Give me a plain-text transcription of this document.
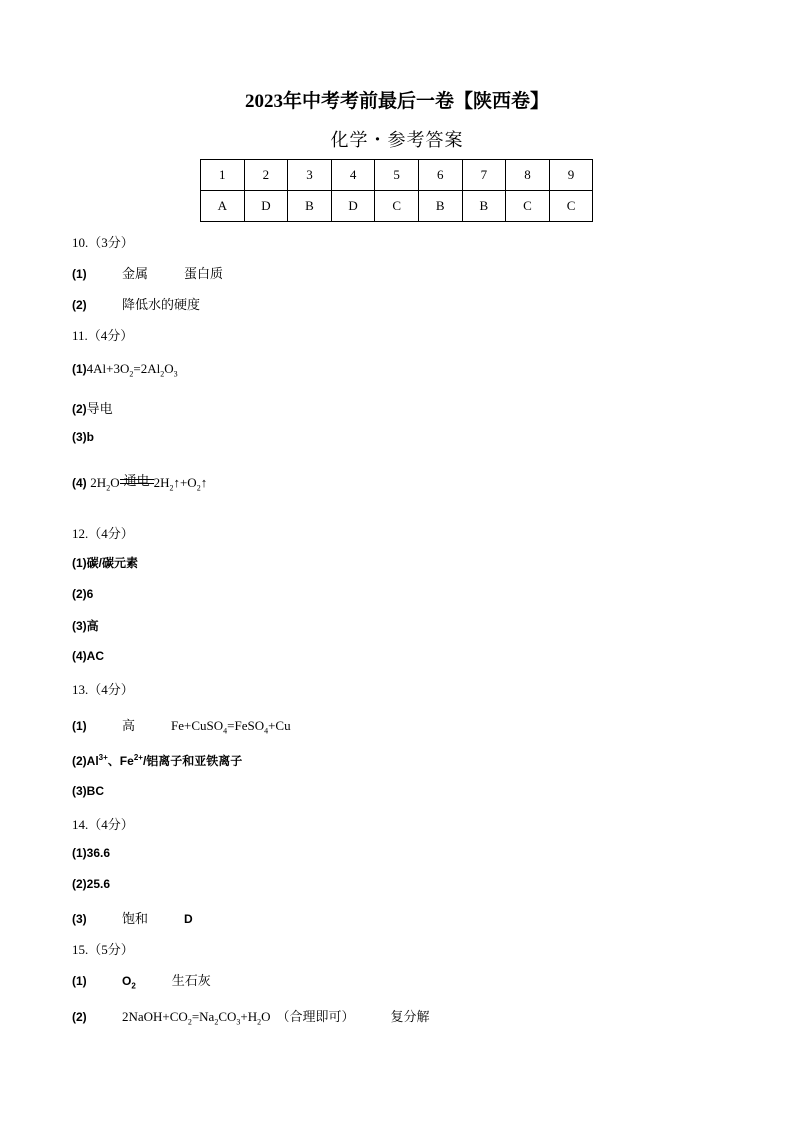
2023年中考考前最后一卷【陕西卷】
化学・参考答案
1	2	3	4	5	6	7	8	9
A	D	B	D	C	B	B	C	C
10.（3分）
(1)	金属	蛋白质
(2)	降低水的硬度
11.（4分）
$(1)4Al+3O_2=2Al_2O_3$
(2)导电
(3)b
(4) $2H_2O$ 通电 $2H_2↑+O_2↑$
12.（4分）
(1)碳/碳元素
(2)6
(3)高
(4)AC
13.（4分）
(1)	高	Fe+CuSO$_4$=FeSO$_4$+Cu
$(2)Al^{3+}$、$Fe^{2+}/$铝离子和亚铁离子
(3)BC
14.（4分）
(1)36.6
(2)25.6
(3)	饱和	D
15.（5分）
(1)	$O_2$	生石灰
(2)	$2NaOH+CO_2=Na_2CO_3+H_2O$ （合理即可）	复分解
